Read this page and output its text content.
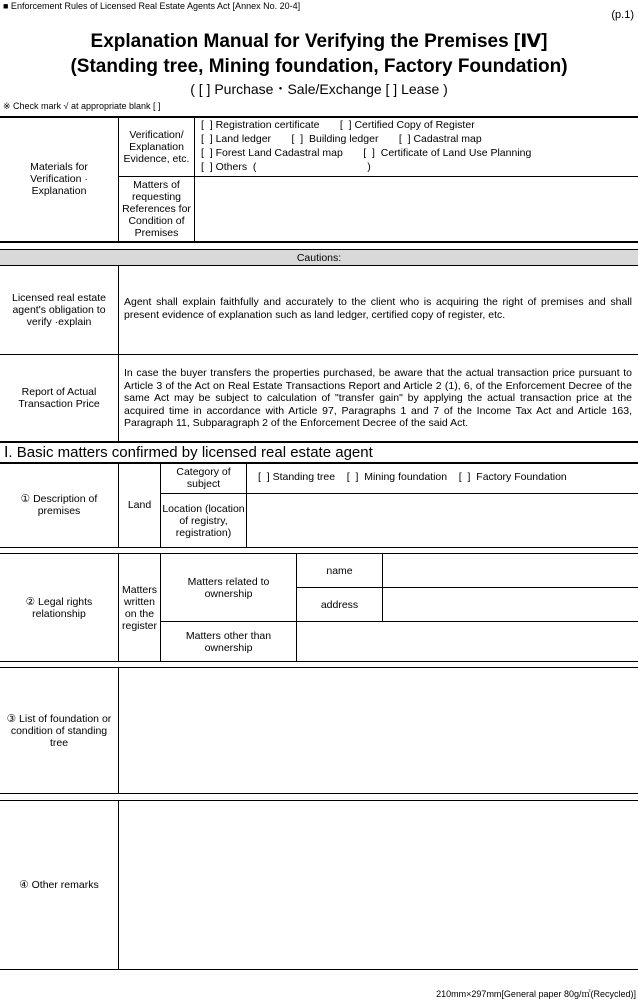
■ Enforcement Rules of Licensed Real Estate Agents Act [Annex No. 20-4]
(p.1)
Explanation Manual for Verifying the Premises [Ⅳ]
(Standing tree, Mining foundation, Factory Foundation)
( [ ] Purchase・Sale/Exchange [ ] Lease )
※ Check mark √ at appropriate blank [ ]
Materials for Verification · Explanation
Verification/ Explanation Evidence, etc.
Matters of requesting References for Condition of Premises
[  ] Registration certificate       [  ] Certified Copy of Register
[  ] Land ledger       [  ]  Building ledger       [  ] Cadastral map
[  ] Forest Land Cadastral map       [  ]  Certificate of Land Use Planning
[  ] Others  (                                      )
Cautions:
Licensed real estate agent's obligation to verify ·explain
Agent shall explain faithfully and accurately to the client who is acquiring the right of premises and shall present evidence of explanation such as land ledger, certified copy of register, etc.
Report of Actual Transaction Price
In case the buyer transfers the properties purchased, be aware that the actual transaction price pursuant to Article 3 of the Act on Real Estate Transactions Report and Article 2 (1), 6, of the Enforcement Decree of the same Act may be subject to calculation of "transfer gain" by applying the actual transaction price at the acquired time in accordance with Article 97, Paragraphs 1 and 7 of the Income Tax Act and Article 163, Paragraph 11, Subparagraph 2 of the Enforcement Decree of the said Act.
Ⅰ. Basic matters confirmed by licensed real estate agent
① Description of premises	Land
Category of subject
[  ] Standing tree    [  ]  Mining foundation    [  ]  Factory Foundation
Location (location of registry, registration)
② Legal rights relationship
Matters written on the register
Matters related to ownership
name
address
Matters other than ownership
③ List of foundation or condition of standing tree
④ Other remarks
210mm×297mm[General paper 80g/㎡(Recycled)]
